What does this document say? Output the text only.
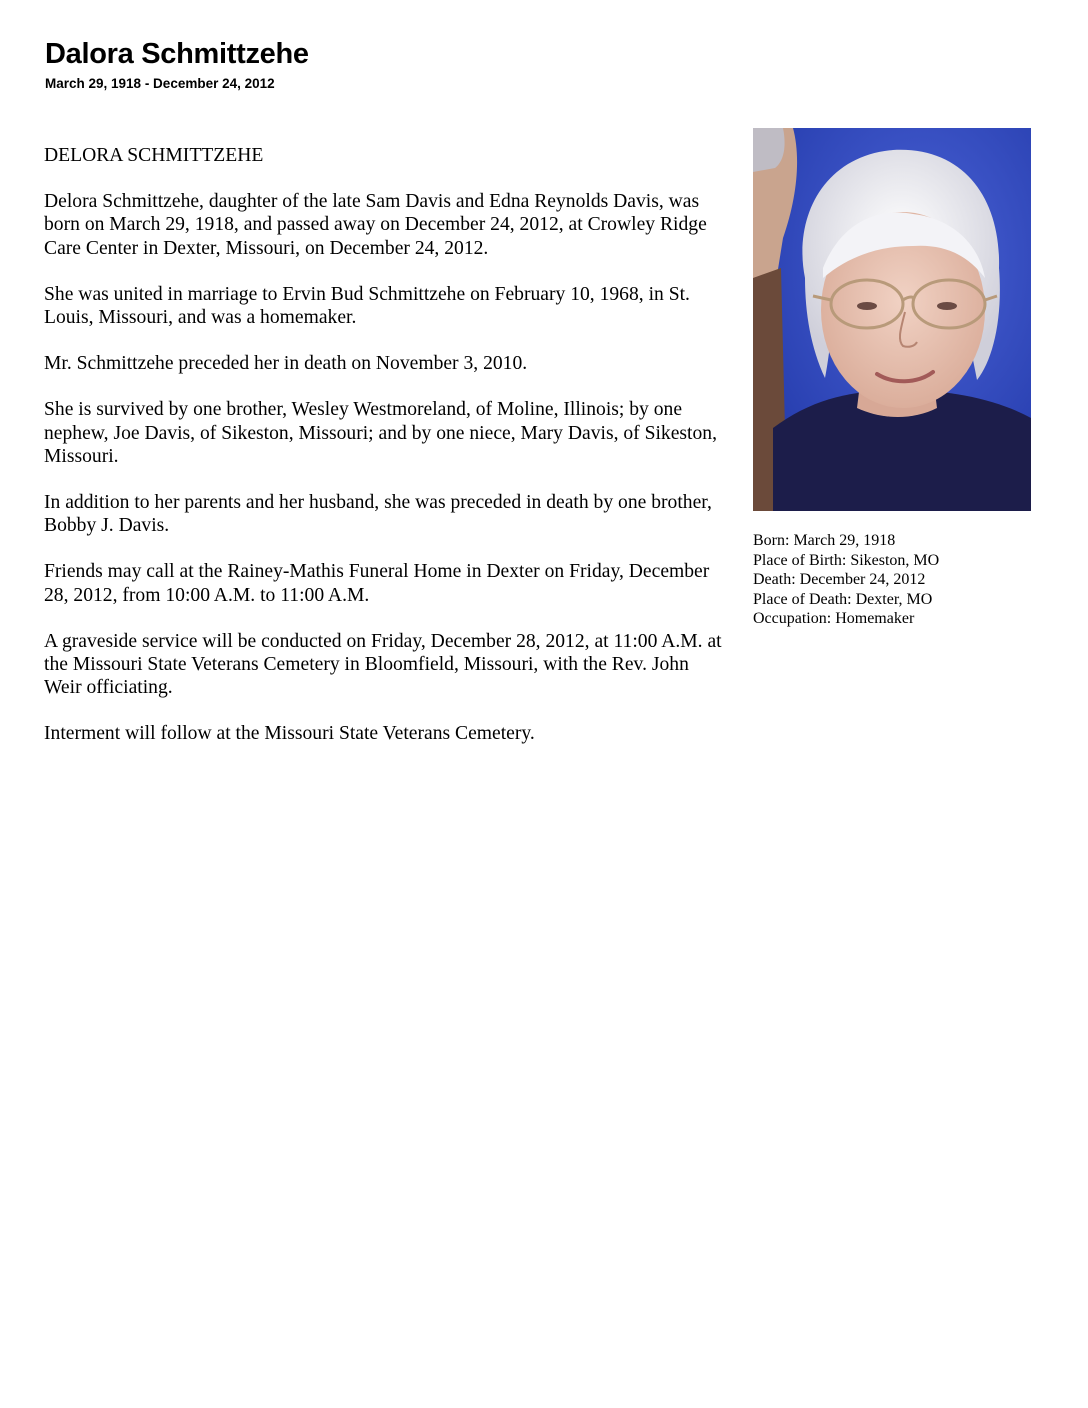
Dalora Schmittzehe
March 29, 1918 - December 24, 2012

DELORA SCHMITTZEHE

Delora Schmittzehe, daughter of the late Sam Davis and Edna Reynolds Davis, was born on March 29, 1918, and passed away on December 24, 2012, at Crowley Ridge Care Center in Dexter, Missouri, on December 24, 2012.

She was united in marriage to Ervin Bud Schmittzehe on February 10, 1968, in St. Louis, Missouri, and was a homemaker.

Mr. Schmittzehe preceded her in death on November 3, 2010.

She is survived by one brother, Wesley Westmoreland, of Moline, Illinois; by one nephew, Joe Davis, of Sikeston, Missouri; and by one niece, Mary Davis, of Sikeston, Missouri.

In addition to her parents and her husband, she was preceded in death by one brother, Bobby J. Davis.

Friends may call at the Rainey-Mathis Funeral Home in Dexter on Friday, December 28, 2012, from 10:00 A.M. to 11:00 A.M.

A graveside service will be conducted on Friday, December 28, 2012, at 11:00 A.M. at the Missouri State Veterans Cemetery in Bloomfield, Missouri, with the Rev. John Weir officiating.

Interment will follow at the Missouri State Veterans Cemetery.

Born: March 29, 1918
Place of Birth: Sikeston, MO
Death: December 24, 2012
Place of Death: Dexter, MO
Occupation: Homemaker
